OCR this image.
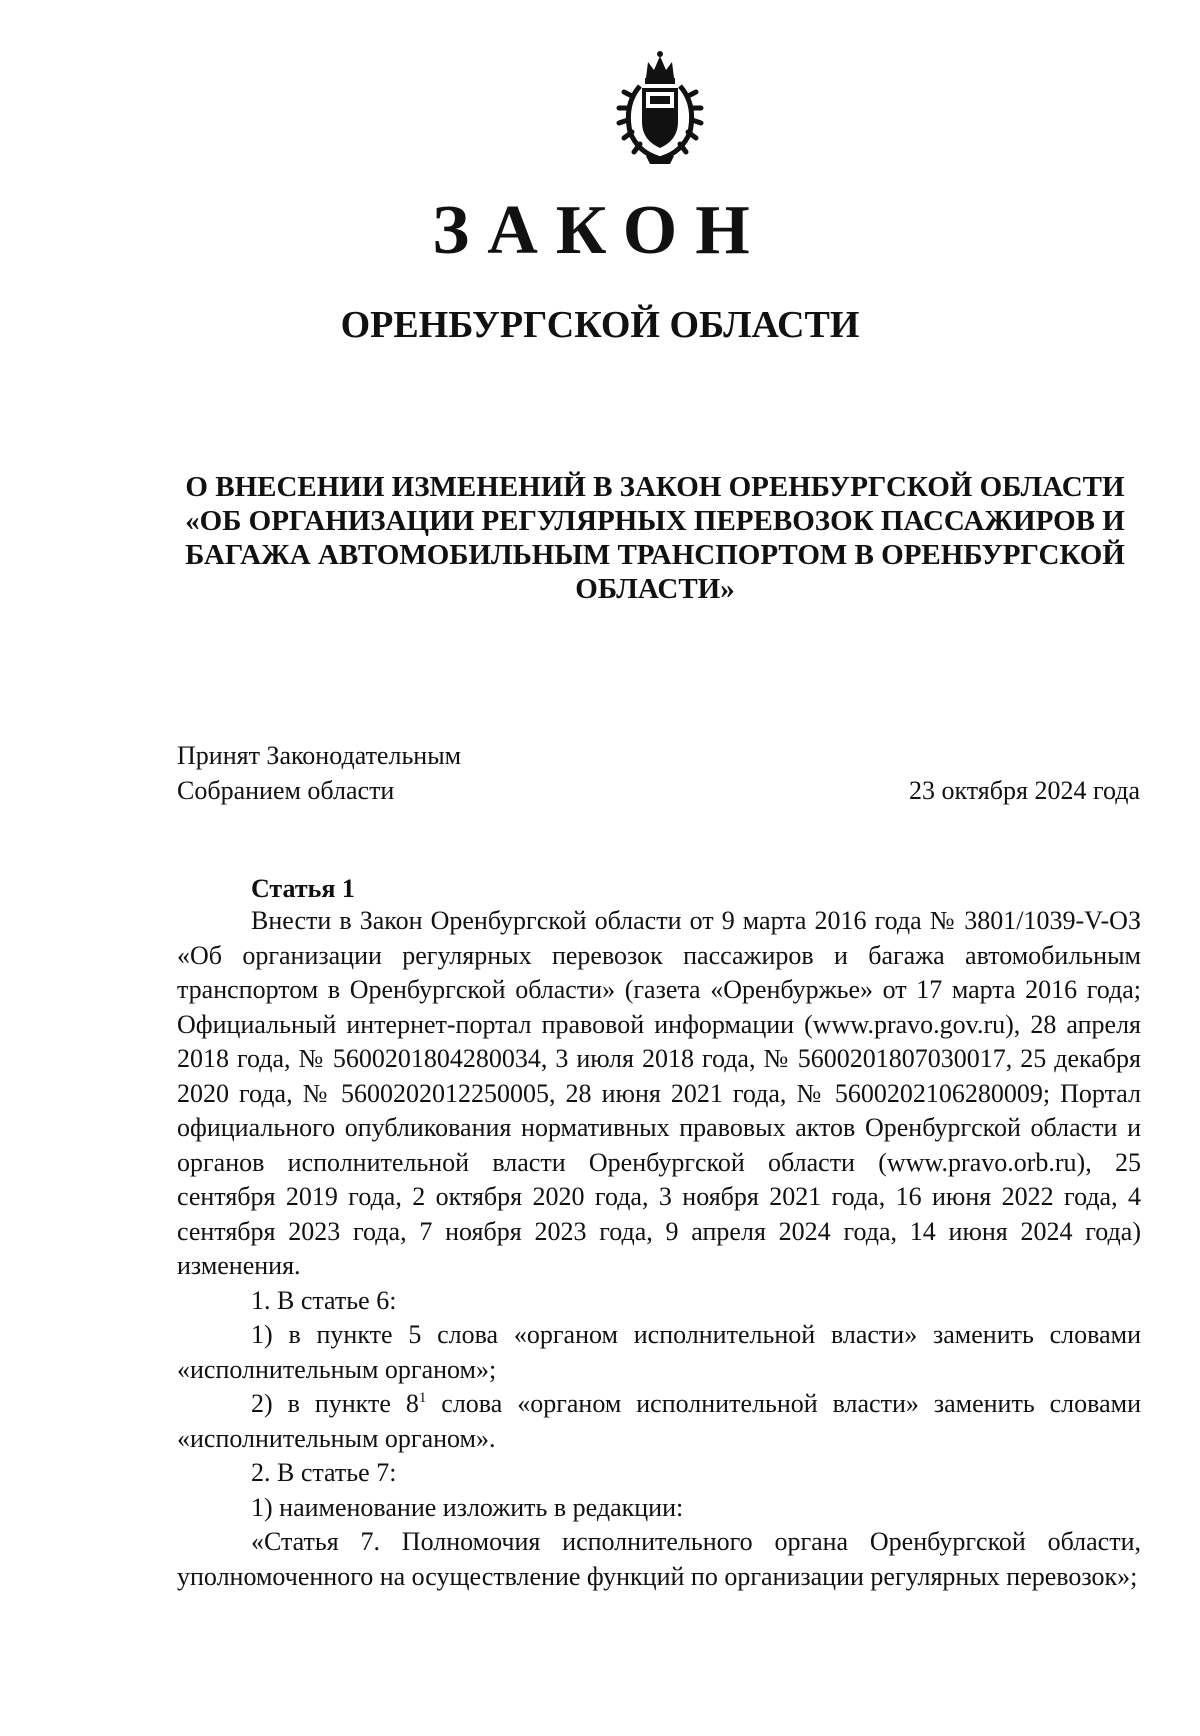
ЗАКОН
ОРЕНБУРГСКОЙ ОБЛАСТИ
О ВНЕСЕНИИ ИЗМЕНЕНИЙ В ЗАКОН ОРЕНБУРГСКОЙ ОБЛАСТИ
«ОБ ОРГАНИЗАЦИИ РЕГУЛЯРНЫХ ПЕРЕВОЗОК ПАССАЖИРОВ И
БАГАЖА АВТОМОБИЛЬНЫМ ТРАНСПОРТОМ В ОРЕНБУРГСКОЙ
ОБЛАСТИ»
Принят Законодательным
Собранием области	23 октября 2024 года
Статья 1

Внести в Закон Оренбургской области от 9 марта 2016 года № 3801/1039-V-ОЗ «Об организации регулярных перевозок пассажиров и багажа автомобильным транспортом в Оренбургской области» (газета «Оренбуржье» от 17 марта 2016 года; Официальный интернет-портал правовой информации (www.pravo.gov.ru), 28 апреля 2018 года, № 5600201804280034, 3 июля 2018 года, № 5600201807030017, 25 декабря 2020 года, № 5600202012250005, 28 июня 2021 года, № 5600202106280009; Портал официального опубликования нормативных правовых актов Оренбургской области и органов исполнительной власти Оренбургской области (www.pravo.orb.ru), 25 сентября 2019 года, 2 октября 2020 года, 3 ноября 2021 года, 16 июня 2022 года, 4 сентября 2023 года, 7 ноября 2023 года, 9 апреля 2024 года, 14 июня 2024 года) изменения.

1. В статье 6:

1) в пункте 5 слова «органом исполнительной власти» заменить словами «исполнительным органом»;

2) в пункте $8^1$ слова «органом исполнительной власти» заменить словами «исполнительным органом».

2. В статье 7:

1) наименование изложить в редакции:

«Статья 7. Полномочия исполнительного органа Оренбургской области, уполномоченного на осуществление функций по организации регулярных перевозок»;
